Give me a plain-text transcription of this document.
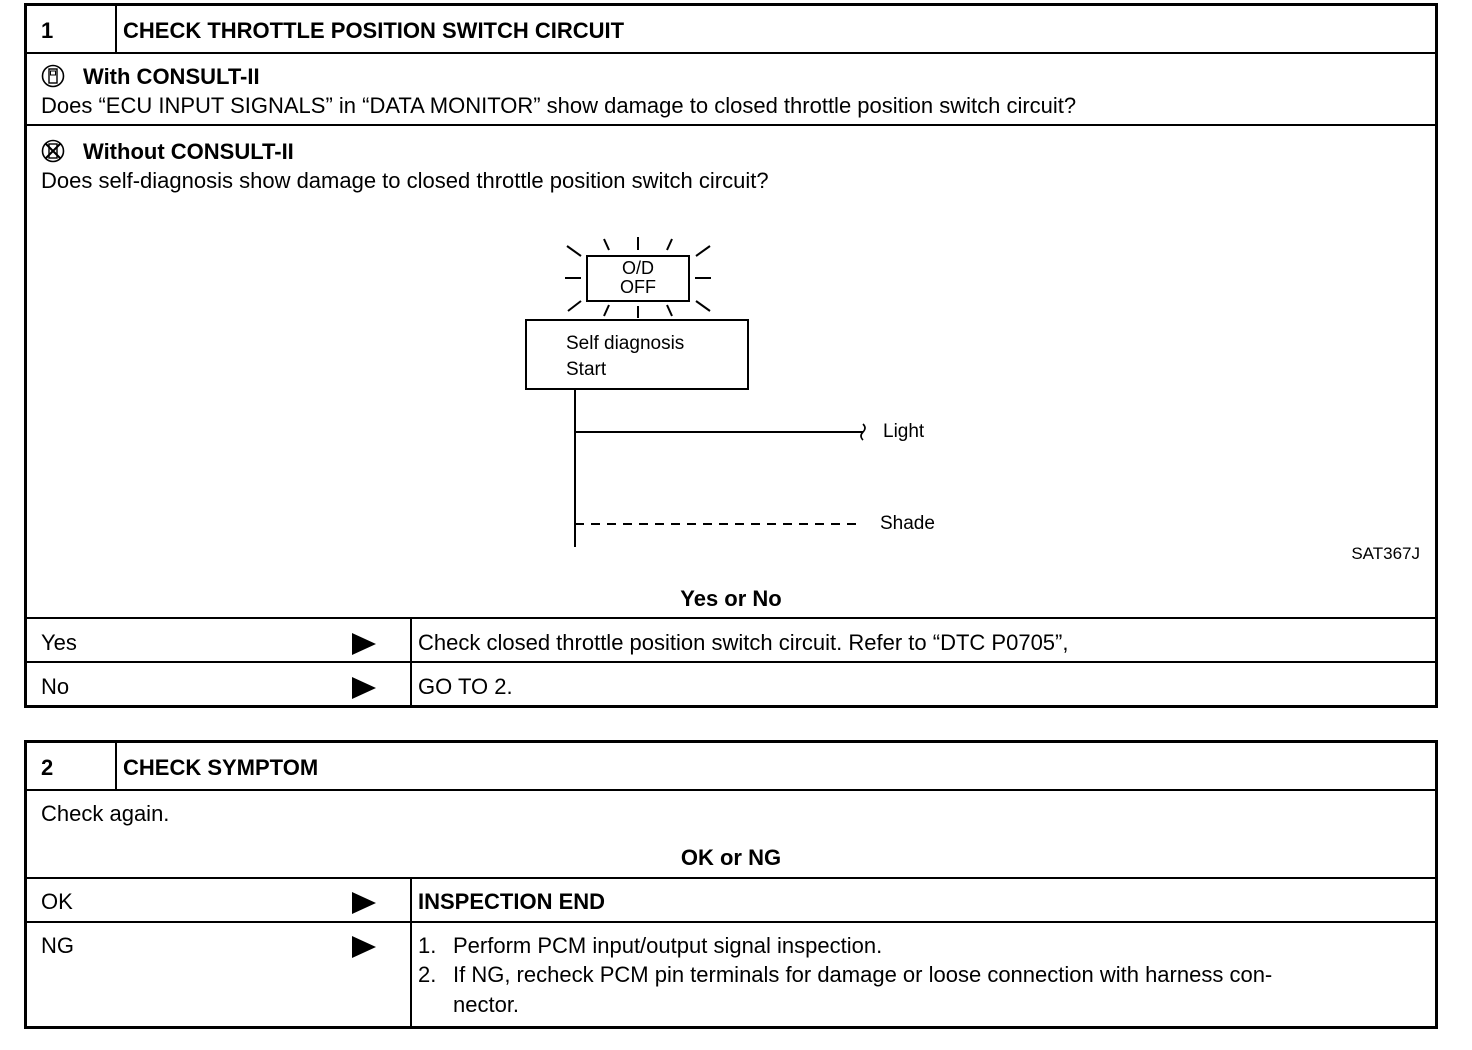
1	CHECK THROTTLE POSITION SWITCH CIRCUIT
With CONSULT-II
Does “ECU INPUT SIGNALS” in “DATA MONITOR” show damage to closed throttle position switch circuit?
Without CONSULT-II
Does self-diagnosis show damage to closed throttle position switch circuit?
O/D
OFF
Self diagnosis
Start
Light
Shade
SAT367J
Yes or No
Yes	Check closed throttle position switch circuit. Refer to “DTC P0705”,
No	GO TO 2.
2	CHECK SYMPTOM
Check again.
OK or NG
OK	INSPECTION END
NG	1. Perform PCM input/output signal inspection.
2. If NG, recheck PCM pin terminals for damage or loose connection with harness con-
nector.
